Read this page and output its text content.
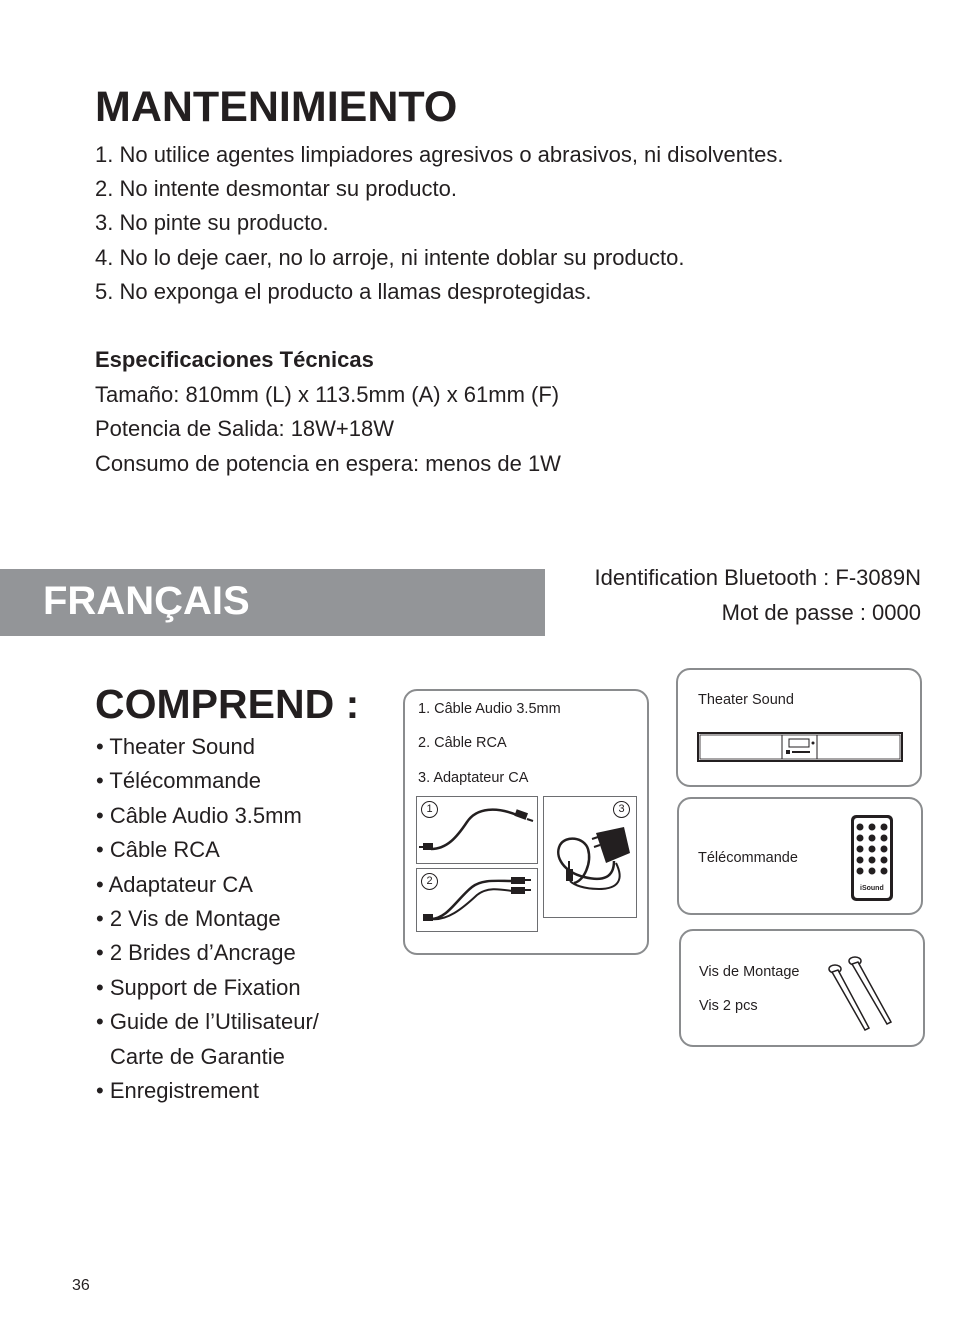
MANTENIMIENTO
1. No utilice agentes limpiadores agresivos o abrasivos, ni disolventes.
2. No intente desmontar su producto.
3. No pinte su producto.
4. No lo deje caer, no lo arroje, ni intente doblar su producto.
5. No exponga el producto a llamas desprotegidas.
Especificaciones Técnicas
Tamaño: 810mm (L) x 113.5mm (A) x 61mm (F)
Potencia de Salida: 18W+18W
Consumo de potencia en espera: menos de 1W
FRANÇAIS
Identification Bluetooth : F-3089N
Mot de passe : 0000
COMPREND :
• Theater Sound
• Télécommande
• Câble Audio 3.5mm
• Câble RCA
• Adaptateur CA
• 2 Vis de Montage
• 2 Brides d’Ancrage
• Support de Fixation
• Guide de l’Utilisateur/
Carte de Garantie
• Enregistrement
1. Câble Audio 3.5mm
2. Câble RCA
3. Adaptateur CA
1
2
3
Theater Sound
Télécommande
iSound
Vis de Montage
Vis 2 pcs
36
